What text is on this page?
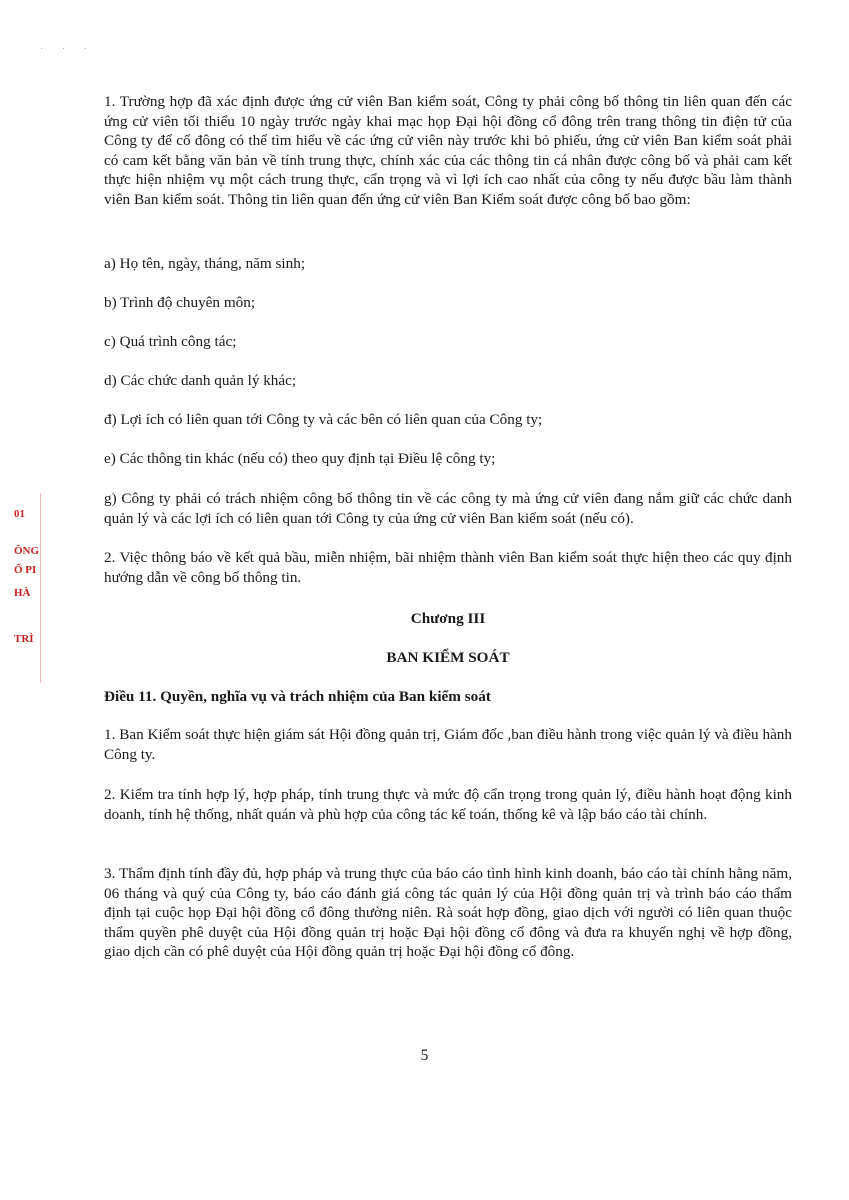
· · ·
01
ÔNG
Ổ PI
HÀ
TRÌ

1. Trường hợp đã xác định được ứng cử viên Ban kiểm soát, Công ty phải công bố thông tin liên quan đến các ứng cử viên tối thiểu 10 ngày trước ngày khai mạc họp Đại hội đồng cổ đông trên trang thông tin điện tử của Công ty để cổ đông có thể tìm hiểu về các ứng cử viên này trước khi bỏ phiếu, ứng cử viên Ban kiểm soát phải có cam kết bằng văn bản về tính trung thực, chính xác của các thông tin cá nhân được công bố và phải cam kết thực hiện nhiệm vụ một cách trung thực, cẩn trọng và vì lợi ích cao nhất của công ty nếu được bầu làm thành viên Ban kiểm soát. Thông tin liên quan đến ứng cử viên Ban Kiểm soát được công bố bao gồm:

a) Họ tên, ngày, tháng, năm sinh;

b) Trình độ chuyên môn;

c) Quá trình công tác;

d) Các chức danh quản lý khác;

đ) Lợi ích có liên quan tới Công ty và các bên có liên quan của Công ty;

e) Các thông tin khác (nếu có) theo quy định tại Điều lệ công ty;

g) Công ty phải có trách nhiệm công bố thông tin về các công ty mà ứng cử viên đang nắm giữ các chức danh quản lý và các lợi ích có liên quan tới Công ty của ứng cử viên Ban kiểm soát (nếu có).

2. Việc thông báo về kết quả bầu, miễn nhiệm, bãi nhiệm thành viên Ban kiểm soát thực hiện theo các quy định hướng dẫn về công bố thông tin.

Chương III

BAN KIỂM SOÁT

Điều 11. Quyền, nghĩa vụ và trách nhiệm của Ban kiểm soát

1. Ban Kiểm soát thực hiện giám sát Hội đồng quản trị, Giám đốc ,ban điều hành trong việc quản lý và điều hành Công ty.

2. Kiểm tra tính hợp lý, hợp pháp, tính trung thực và mức độ cẩn trọng trong quản lý, điều hành hoạt động kinh doanh, tính hệ thống, nhất quán và phù hợp của công tác kế toán, thống kê và lập báo cáo tài chính.

3. Thẩm định tính đầy đủ, hợp pháp và trung thực của báo cáo tình hình kinh doanh, báo cáo tài chính hằng năm, 06 tháng và quý của Công ty, báo cáo đánh giá công tác quản lý của Hội đồng quản trị và trình báo cáo thẩm định tại cuộc họp Đại hội đồng cổ đông thường niên. Rà soát hợp đồng, giao dịch với người có liên quan thuộc thẩm quyền phê duyệt của Hội đồng quản trị hoặc Đại hội đồng cổ đông và đưa ra khuyến nghị về hợp đồng, giao dịch cần có phê duyệt của Hội đồng quản trị hoặc Đại hội đồng cổ đông.

5
